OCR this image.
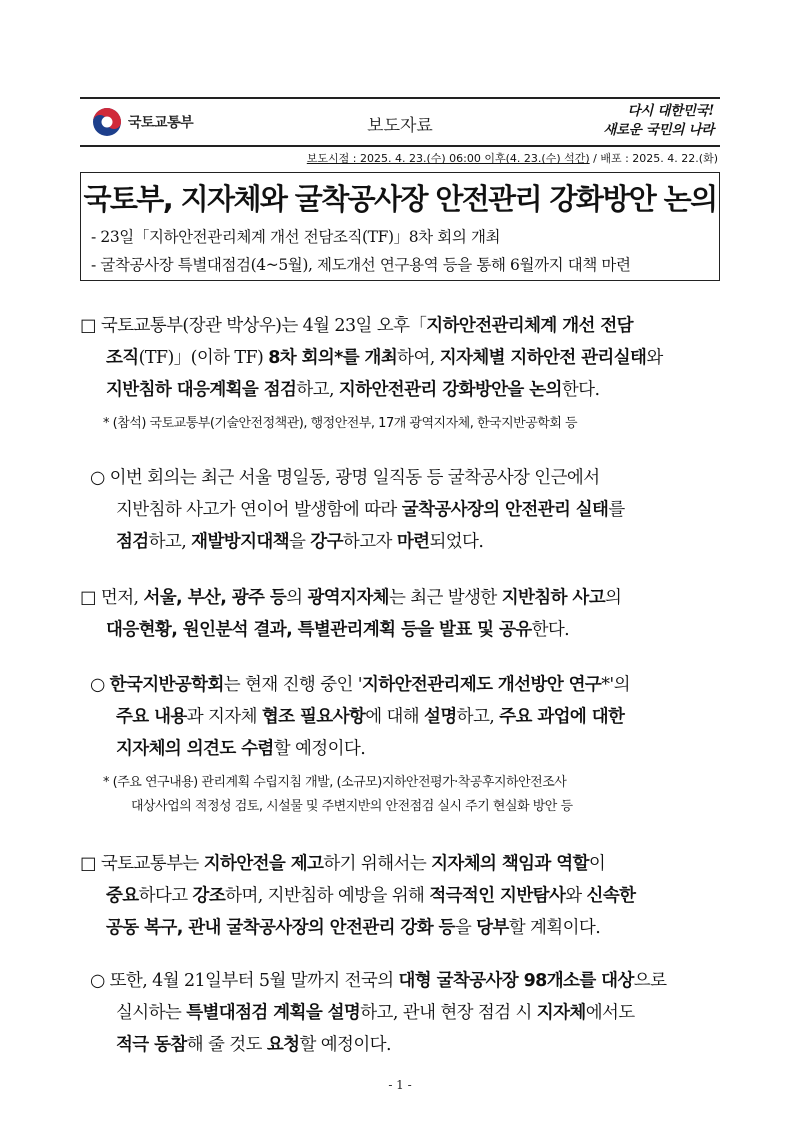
국토교통부	보도자료
다시 대한민국!
새로운 국민의 나라
보도시점 : 2025. 4. 23.(수) 06:00 이후(4. 23.(수) 석간) / 배포 : 2025. 4. 22.(화)
국토부, 지자체와 굴착공사장 안전관리 강화방안 논의
- 23일「지하안전관리체계 개선 전담조직(TF)」8차 회의 개최
- 굴착공사장 특별대점검(4~5월), 제도개선 연구용역 등을 통해 6월까지 대책 마련
□ 국토교통부(장관 박상우)는 4월 23일 오후「지하안전관리체계 개선 전담
조직(TF)」(이하 TF) 8차 회의*를 개최하여, 지자체별 지하안전 관리실태와
지반침하 대응계획을 점검하고, 지하안전관리 강화방안을 논의한다.
* (참석) 국토교통부(기술안전정책관), 행정안전부, 17개 광역지자체, 한국지반공학회 등
○ 이번 회의는 최근 서울 명일동, 광명 일직동 등 굴착공사장 인근에서
지반침하 사고가 연이어 발생함에 따라 굴착공사장의 안전관리 실태를
점검하고, 재발방지대책을 강구하고자 마련되었다.
□ 먼저, 서울, 부산, 광주 등의 광역지자체는 최근 발생한 지반침하 사고의
대응현황, 원인분석 결과, 특별관리계획 등을 발표 및 공유한다.
○ 한국지반공학회는 현재 진행 중인 '지하안전관리제도 개선방안 연구*'의
주요 내용과 지자체 협조 필요사항에 대해 설명하고, 주요 과업에 대한
지자체의 의견도 수렴할 예정이다.
* (주요 연구내용) 관리계획 수립지침 개발, (소규모)지하안전평가·착공후지하안전조사
대상사업의 적정성 검토, 시설물 및 주변지반의 안전점검 실시 주기 현실화 방안 등
□ 국토교통부는 지하안전을 제고하기 위해서는 지자체의 책임과 역할이
중요하다고 강조하며, 지반침하 예방을 위해 적극적인 지반탐사와 신속한
공동 복구, 관내 굴착공사장의 안전관리 강화 등을 당부할 계획이다.
○ 또한, 4월 21일부터 5월 말까지 전국의 대형 굴착공사장 98개소를 대상으로
실시하는 특별대점검 계획을 설명하고, 관내 현장 점검 시 지자체에서도
적극 동참해 줄 것도 요청할 예정이다.
- 1 -
